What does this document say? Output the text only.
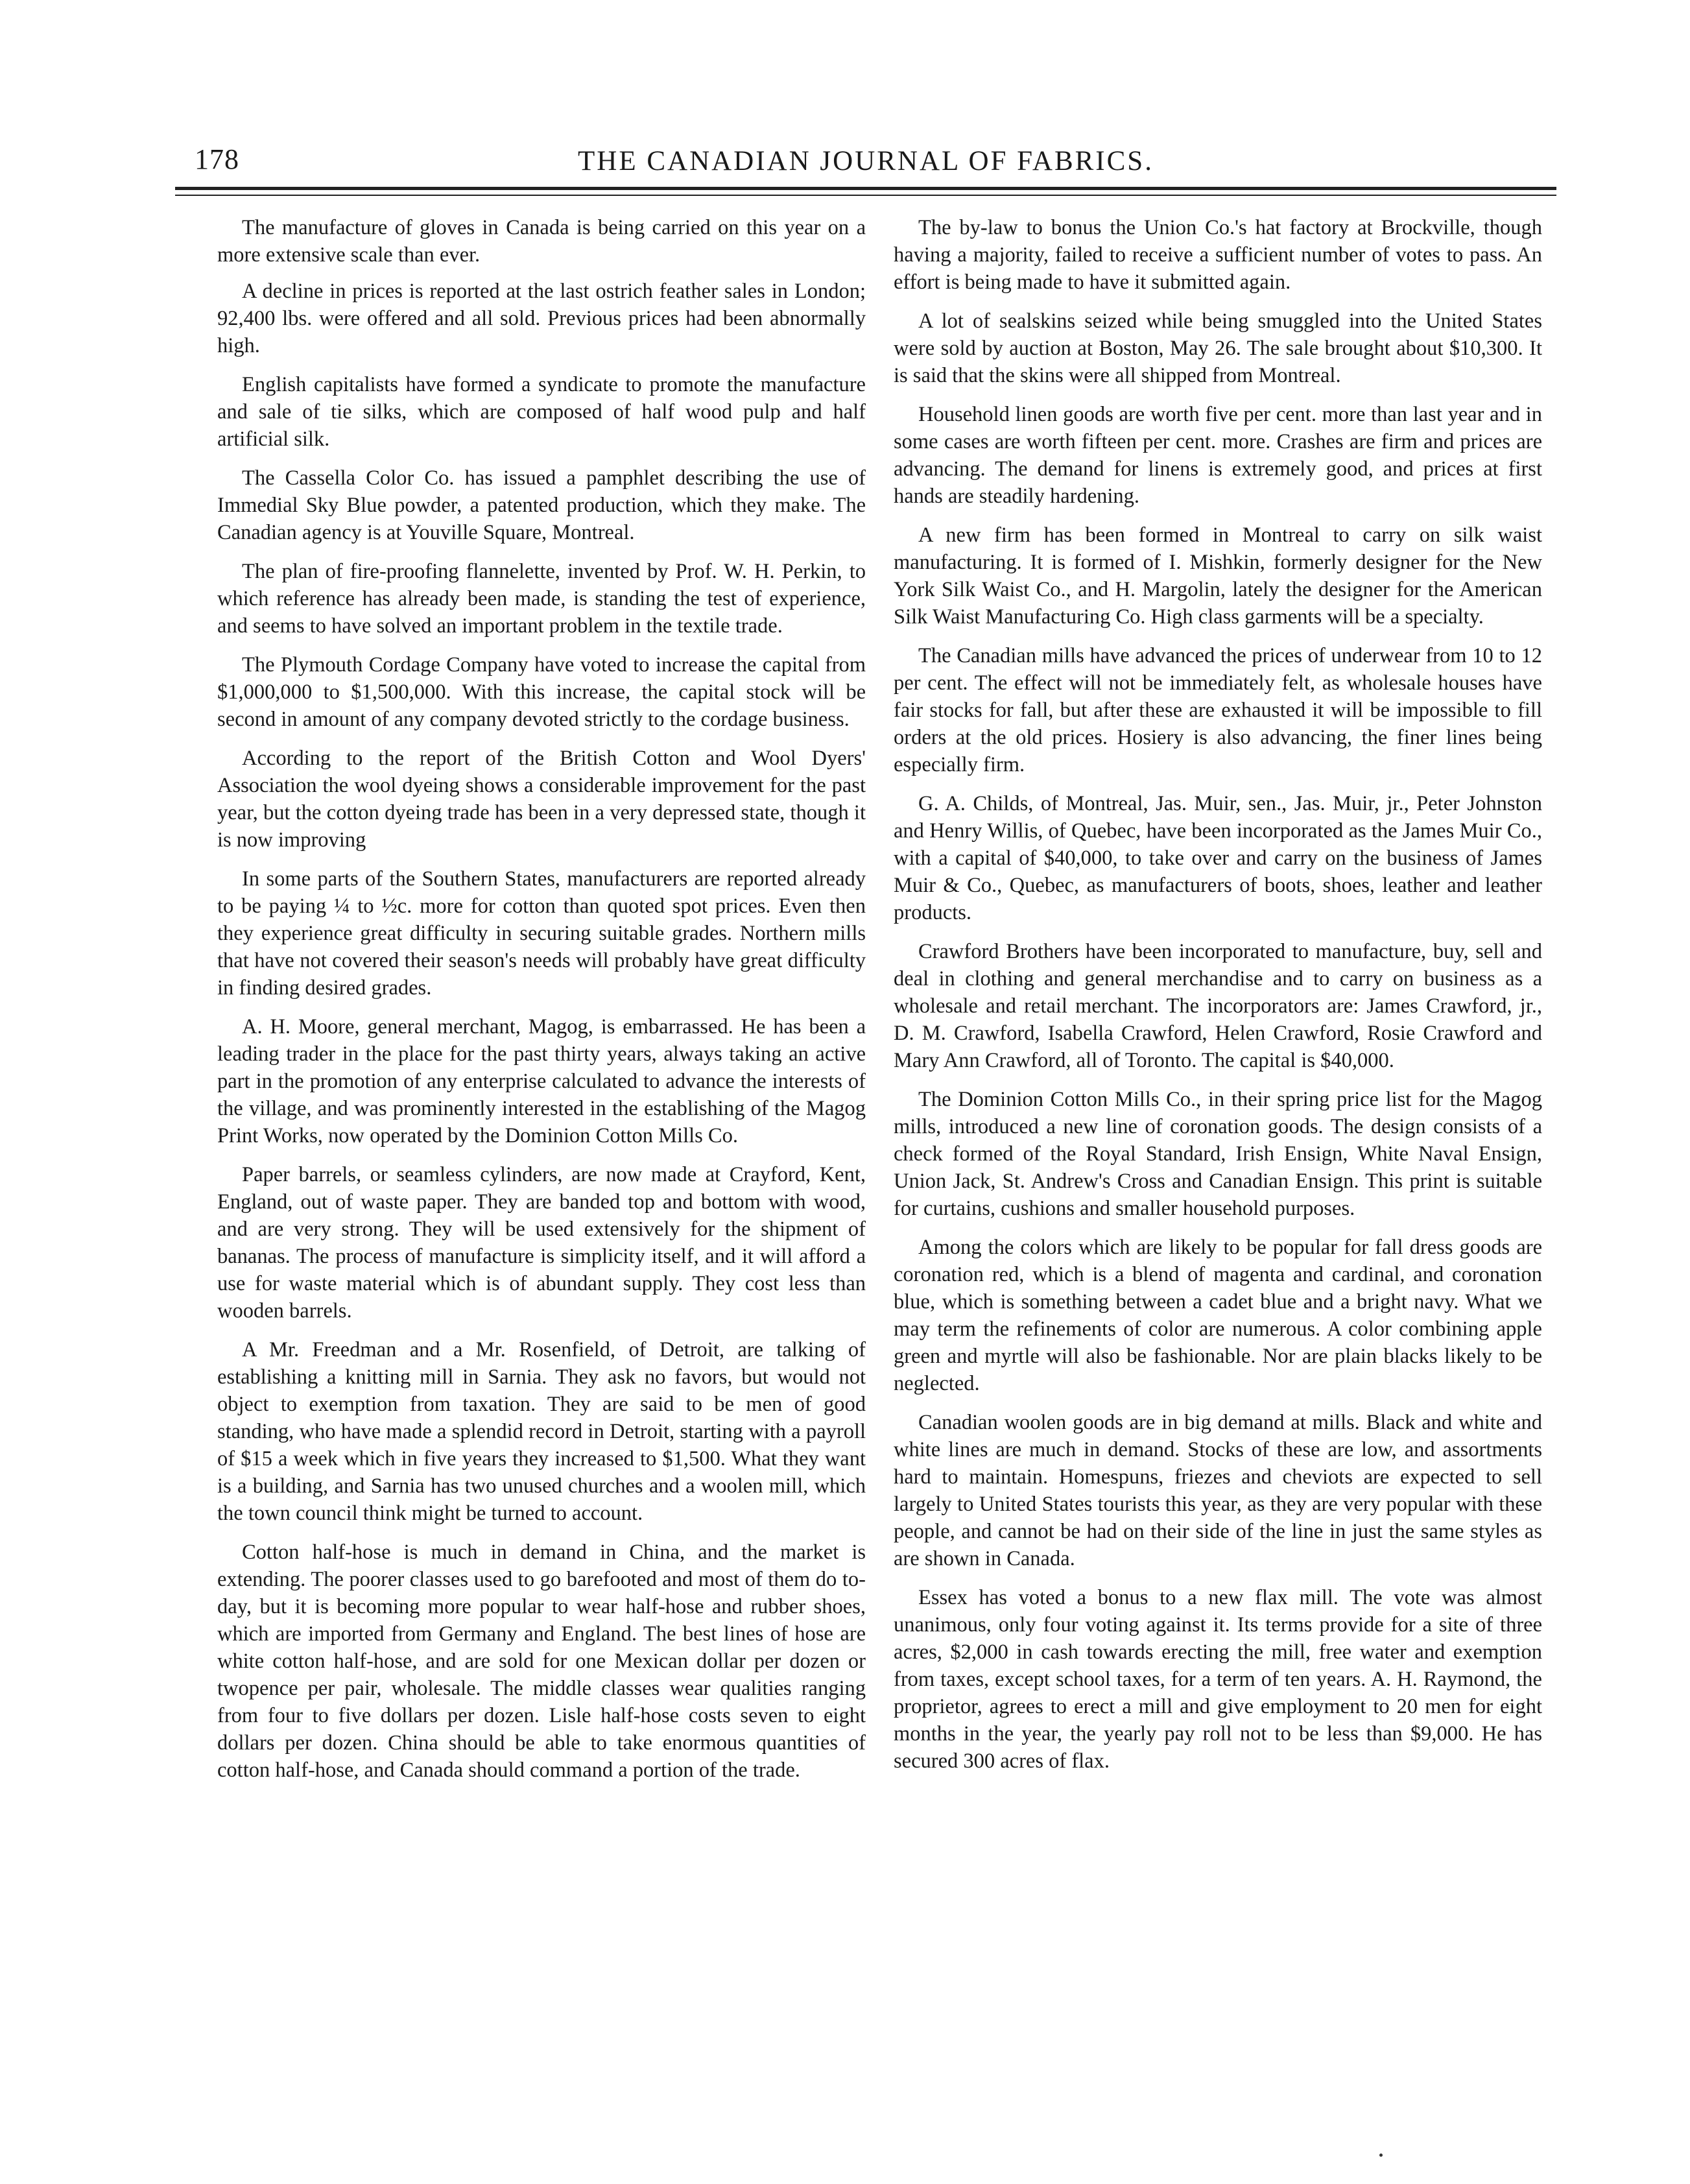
178	THE CANADIAN JOURNAL OF FABRICS.

The manufacture of gloves in Canada is being carried on this year on a more extensive scale than ever.

A decline in prices is reported at the last ostrich feather sales in London; 92,400 lbs. were offered and all sold. Previous prices had been abnormally high.

English capitalists have formed a syndicate to promote the manufacture and sale of tie silks, which are composed of half wood pulp and half artificial silk.

The Cassella Color Co. has issued a pamphlet describing the use of Immedial Sky Blue powder, a patented production, which they make. The Canadian agency is at Youville Square, Montreal.

The plan of fire-proofing flannelette, invented by Prof. W. H. Perkin, to which reference has already been made, is standing the test of experience, and seems to have solved an important problem in the textile trade.

The Plymouth Cordage Company have voted to increase the capital from $1,000,000 to $1,500,000. With this increase, the capital stock will be second in amount of any company devoted strictly to the cordage business.

According to the report of the British Cotton and Wool Dyers' Association the wool dyeing shows a considerable improvement for the past year, but the cotton dyeing trade has been in a very depressed state, though it is now improving

In some parts of the Southern States, manufacturers are reported already to be paying ¼ to ½c. more for cotton than quoted spot prices. Even then they experience great difficulty in securing suitable grades. Northern mills that have not covered their season's needs will probably have great difficulty in finding desired grades.

A. H. Moore, general merchant, Magog, is embarrassed. He has been a leading trader in the place for the past thirty years, always taking an active part in the promotion of any enterprise calculated to advance the interests of the village, and was prominently interested in the establishing of the Magog Print Works, now operated by the Dominion Cotton Mills Co.

Paper barrels, or seamless cylinders, are now made at Crayford, Kent, England, out of waste paper. They are banded top and bottom with wood, and are very strong. They will be used extensively for the shipment of bananas. The process of manufacture is simplicity itself, and it will afford a use for waste material which is of abundant supply. They cost less than wooden barrels.

A Mr. Freedman and a Mr. Rosenfield, of Detroit, are talking of establishing a knitting mill in Sarnia. They ask no favors, but would not object to exemption from taxation. They are said to be men of good standing, who have made a splendid record in Detroit, starting with a payroll of $15 a week which in five years they increased to $1,500. What they want is a building, and Sarnia has two unused churches and a woolen mill, which the town council think might be turned to account.

Cotton half-hose is much in demand in China, and the market is extending. The poorer classes used to go barefooted and most of them do to-day, but it is becoming more popular to wear half-hose and rubber shoes, which are imported from Germany and England. The best lines of hose are white cotton half-hose, and are sold for one Mexican dollar per dozen or twopence per pair, wholesale. The middle classes wear qualities ranging from four to five dollars per dozen. Lisle half-hose costs seven to eight dollars per dozen. China should be able to take enormous quantities of cotton half-hose, and Canada should command a portion of the trade.

The by-law to bonus the Union Co.'s hat factory at Brockville, though having a majority, failed to receive a sufficient number of votes to pass. An effort is being made to have it submitted again.

A lot of sealskins seized while being smuggled into the United States were sold by auction at Boston, May 26. The sale brought about $10,300. It is said that the skins were all shipped from Montreal.

Household linen goods are worth five per cent. more than last year and in some cases are worth fifteen per cent. more. Crashes are firm and prices are advancing. The demand for linens is extremely good, and prices at first hands are steadily hardening.

A new firm has been formed in Montreal to carry on silk waist manufacturing. It is formed of I. Mishkin, formerly designer for the New York Silk Waist Co., and H. Margolin, lately the designer for the American Silk Waist Manufacturing Co. High class garments will be a specialty.

The Canadian mills have advanced the prices of underwear from 10 to 12 per cent. The effect will not be immediately felt, as wholesale houses have fair stocks for fall, but after these are exhausted it will be impossible to fill orders at the old prices. Hosiery is also advancing, the finer lines being especially firm.

G. A. Childs, of Montreal, Jas. Muir, sen., Jas. Muir, jr., Peter Johnston and Henry Willis, of Quebec, have been incorporated as the James Muir Co., with a capital of $40,000, to take over and carry on the business of James Muir & Co., Quebec, as manufacturers of boots, shoes, leather and leather products.

Crawford Brothers have been incorporated to manufacture, buy, sell and deal in clothing and general merchandise and to carry on business as a wholesale and retail merchant. The incorporators are: James Crawford, jr., D. M. Crawford, Isabella Crawford, Helen Crawford, Rosie Crawford and Mary Ann Crawford, all of Toronto. The capital is $40,000.

The Dominion Cotton Mills Co., in their spring price list for the Magog mills, introduced a new line of coronation goods. The design consists of a check formed of the Royal Standard, Irish Ensign, White Naval Ensign, Union Jack, St. Andrew's Cross and Canadian Ensign. This print is suitable for curtains, cushions and smaller household purposes.

Among the colors which are likely to be popular for fall dress goods are coronation red, which is a blend of magenta and cardinal, and coronation blue, which is something between a cadet blue and a bright navy. What we may term the refinements of color are numerous. A color combining apple green and myrtle will also be fashionable. Nor are plain blacks likely to be neglected.

Canadian woolen goods are in big demand at mills. Black and white and white lines are much in demand. Stocks of these are low, and assortments hard to maintain. Homespuns, friezes and cheviots are expected to sell largely to United States tourists this year, as they are very popular with these people, and cannot be had on their side of the line in just the same styles as are shown in Canada.

Essex has voted a bonus to a new flax mill. The vote was almost unanimous, only four voting against it. Its terms provide for a site of three acres, $2,000 in cash towards erecting the mill, free water and exemption from taxes, except school taxes, for a term of ten years. A. H. Raymond, the proprietor, agrees to erect a mill and give employment to 20 men for eight months in the year, the yearly pay roll not to be less than $9,000. He has secured 300 acres of flax.
